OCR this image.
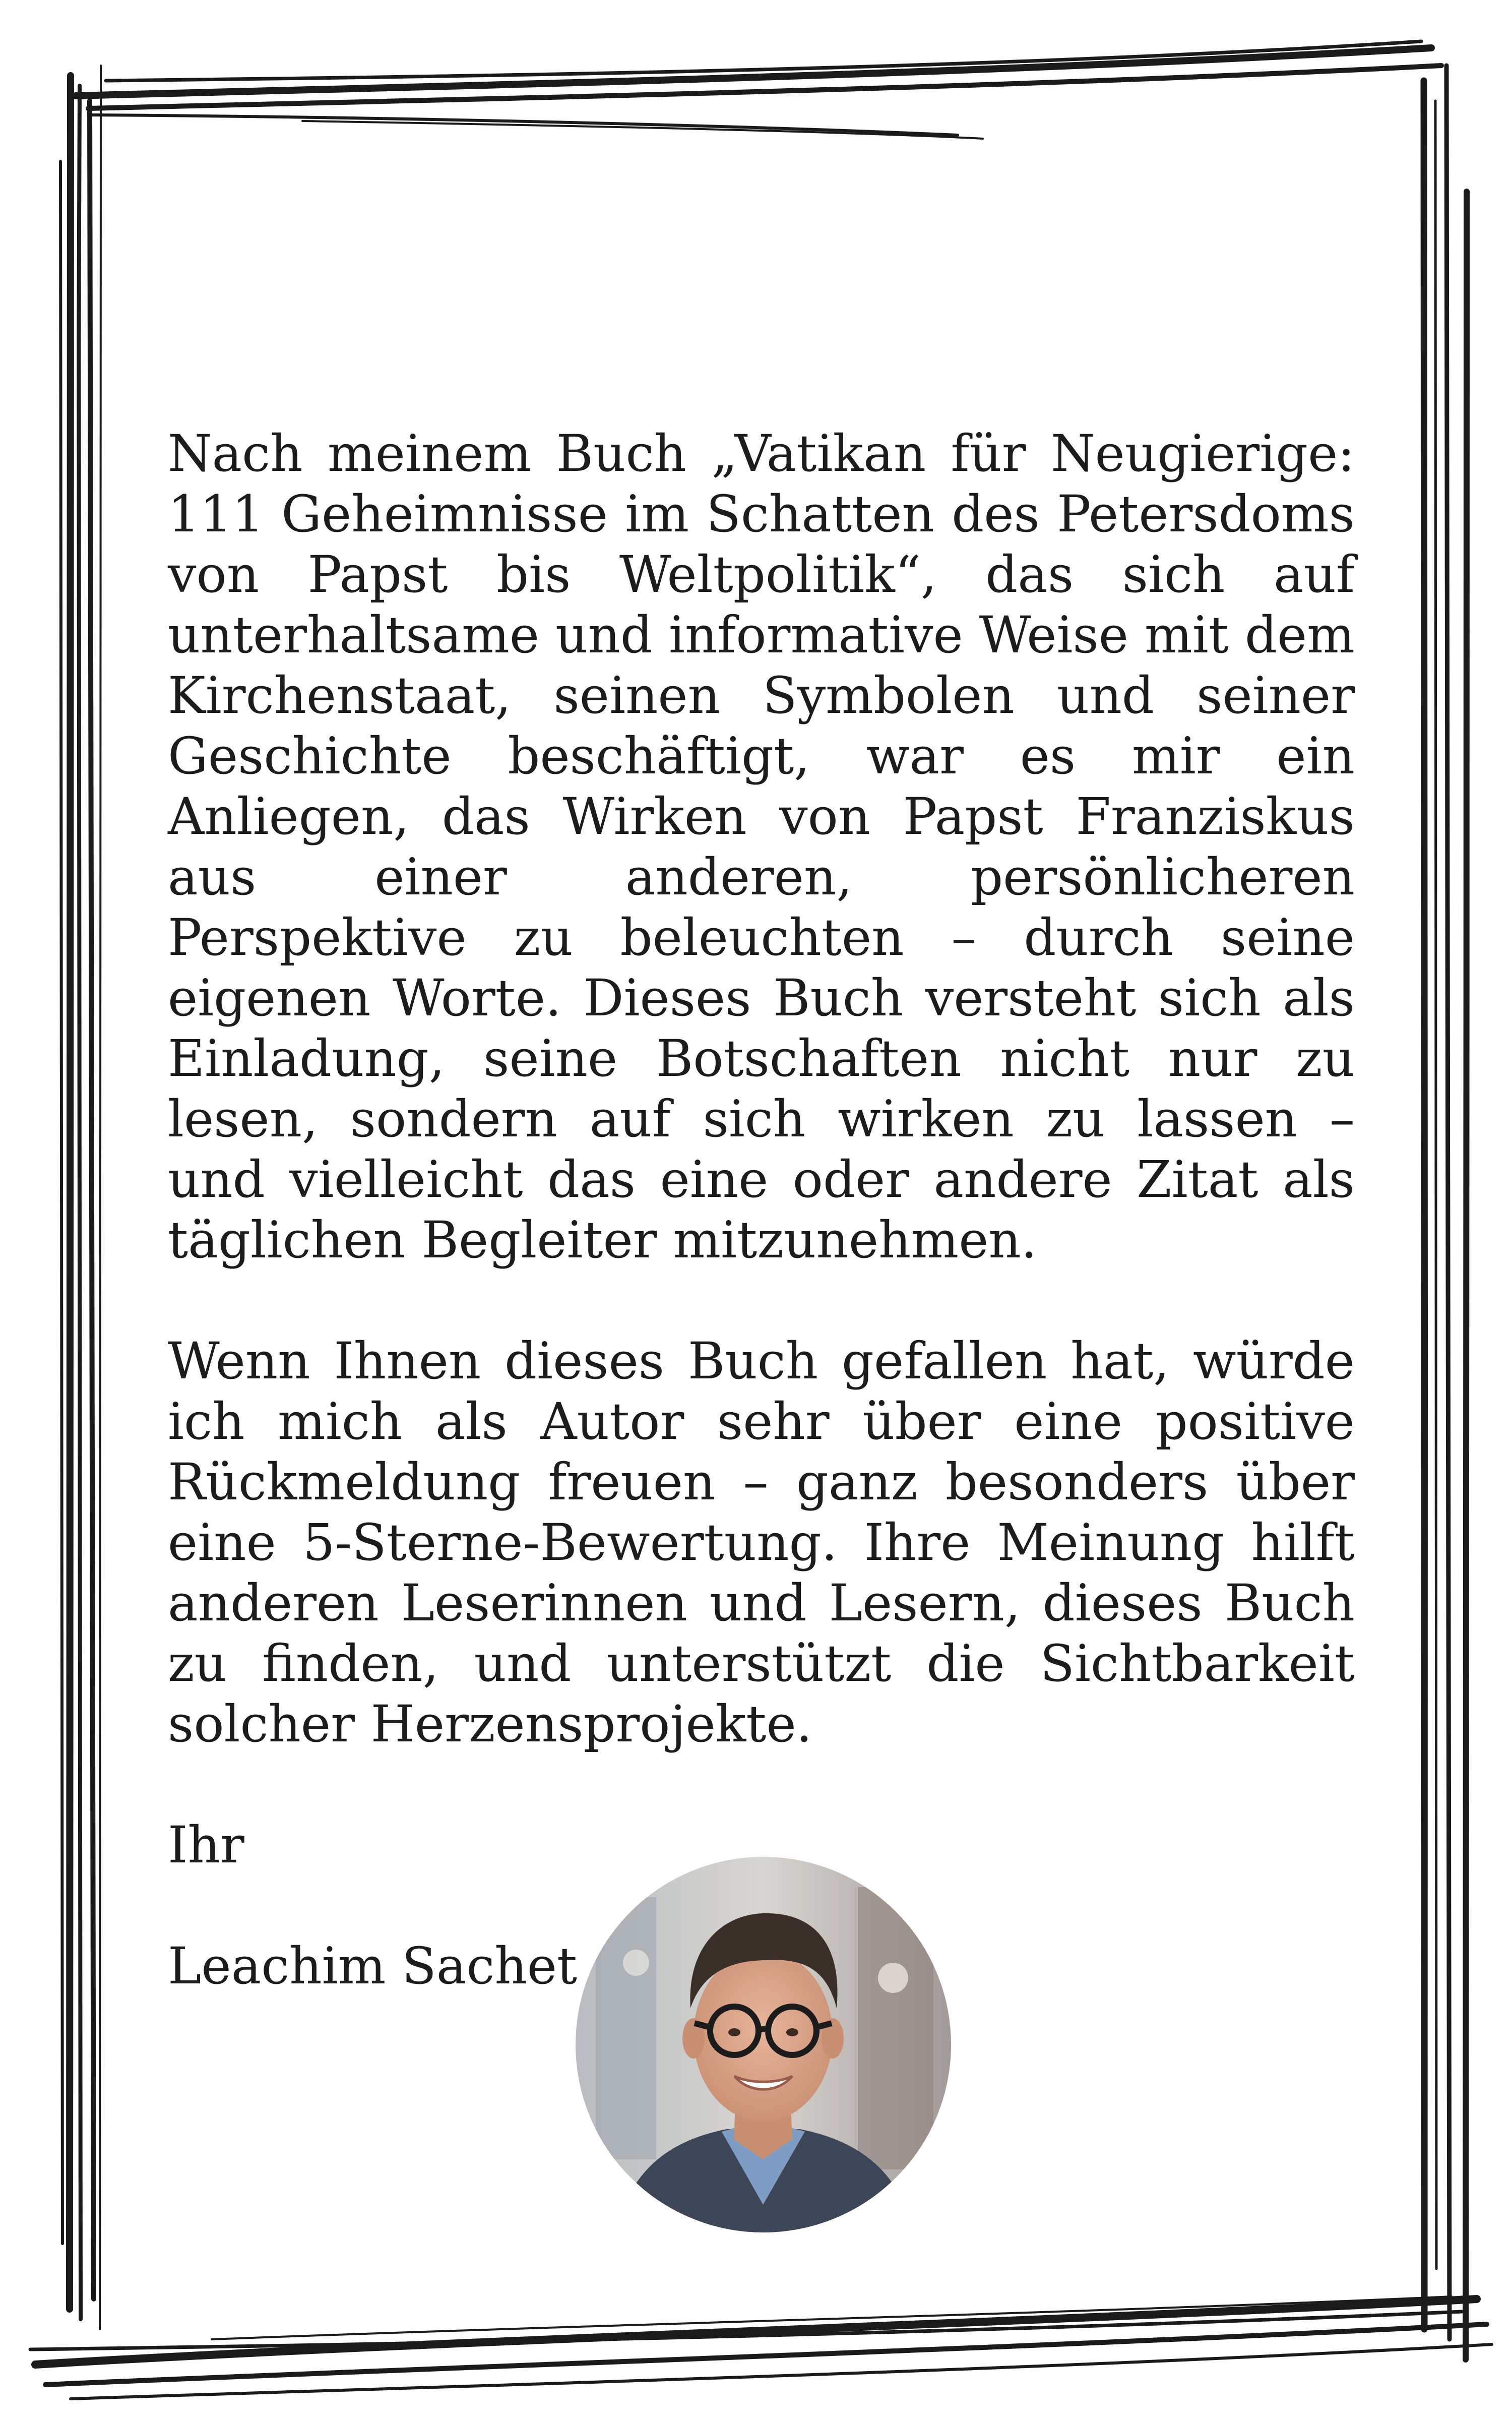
Nach meinem Buch „Vatikan für Neugierige: 111 Geheimnisse im Schatten des Petersdoms von Papst bis Weltpolitik“, das sich auf unterhaltsame und informative Weise mit dem Kirchenstaat, seinen Symbolen und seiner Geschichte beschäftigt, war es mir ein Anliegen, das Wirken von Papst Franziskus aus einer anderen, persönlicheren Perspektive zu beleuchten – durch seine eigenen Worte. Dieses Buch versteht sich als Einladung, seine Botschaften nicht nur zu lesen, sondern auf sich wirken zu lassen – und vielleicht das eine oder andere Zitat als täglichen Begleiter mitzunehmen.

Wenn Ihnen dieses Buch gefallen hat, würde ich mich als Autor sehr über eine positive Rückmeldung freuen – ganz besonders über eine 5-Sterne-Bewertung. Ihre Meinung hilft anderen Leserinnen und Lesern, dieses Buch zu finden, und unterstützt die Sichtbarkeit solcher Herzensprojekte.

Ihr

Leachim Sachet
